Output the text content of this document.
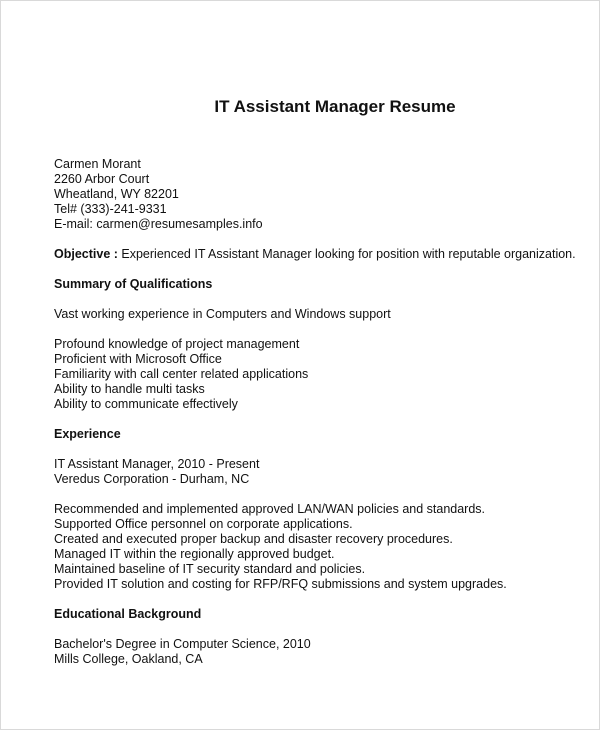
IT Assistant Manager Resume
Carmen Morant
2260 Arbor Court
Wheatland, WY 82201
Tel# (333)-241-9331
E-mail: carmen@resumesamples.info
Objective : Experienced IT Assistant Manager looking for position with reputable organization.
Summary of Qualifications
Vast working experience in Computers and Windows support
Profound knowledge of project management
Proficient with Microsoft Office
Familiarity with call center related applications
Ability to handle multi tasks
Ability to communicate effectively
Experience
IT Assistant Manager, 2010 - Present
Veredus Corporation - Durham, NC
Recommended and implemented approved LAN/WAN policies and standards.
Supported Office personnel on corporate applications.
Created and executed proper backup and disaster recovery procedures.
Managed IT within the regionally approved budget.
Maintained baseline of IT security standard and policies.
Provided IT solution and costing for RFP/RFQ submissions and system upgrades.
Educational Background
Bachelor's Degree in Computer Science, 2010
Mills College, Oakland, CA
